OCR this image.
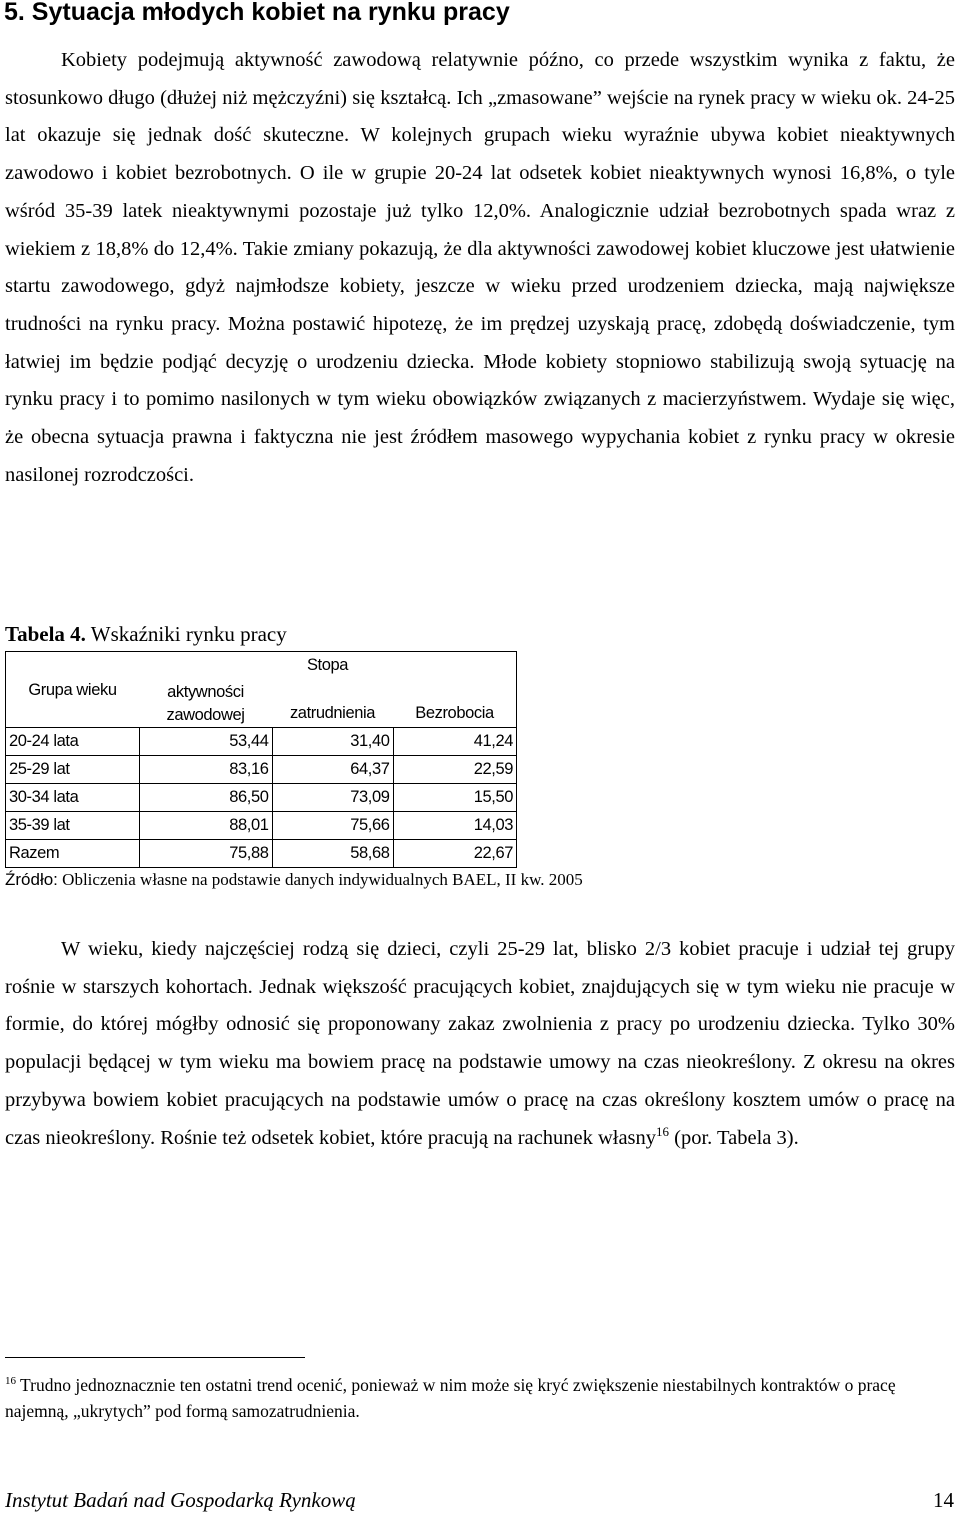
5. Sytuacja młodych kobiet na rynku pracy
Kobiety podejmują aktywność zawodową relatywnie późno, co przede wszystkim wynika z faktu, że stosunkowo długo (dłużej niż mężczyźni) się kształcą. Ich „zmasowane” wejście na rynek pracy w wieku ok. 24-25 lat okazuje się jednak dość skuteczne. W kolejnych grupach wieku wyraźnie ubywa kobiet nieaktywnych zawodowo i kobiet bezrobotnych. O ile w grupie 20-24 lat odsetek kobiet nieaktywnych wynosi 16,8%, o tyle wśród 35-39 latek nieaktywnymi pozostaje już tylko 12,0%. Analogicznie udział bezrobotnych spada wraz z wiekiem z 18,8% do 12,4%. Takie zmiany pokazują, że dla aktywności zawodowej kobiet kluczowe jest ułatwienie startu zawodowego, gdyż najmłodsze kobiety, jeszcze w wieku przed urodzeniem dziecka, mają największe trudności na rynku pracy. Można postawić hipotezę, że im prędzej uzyskają pracę, zdobędą doświadczenie, tym łatwiej im będzie podjąć decyzję o urodzeniu dziecka. Młode kobiety stopniowo stabilizują swoją sytuację na rynku pracy i to pomimo nasilonych w tym wieku obowiązków związanych z macierzyństwem. Wydaje się więc, że obecna sytuacja prawna i faktyczna nie jest źródłem masowego wypychania kobiet z rynku pracy w okresie nasilonej rozrodczości.
Tabela 4. Wskaźniki rynku pracy
Grupa wieku	Stopa		
	aktywności zawodowej	zatrudnienia	Bezrobocia
20-24 lata	53,44	31,40	41,24
25-29 lat	83,16	64,37	22,59
30-34 lata	86,50	73,09	15,50
35-39 lat	88,01	75,66	14,03
Razem	75,88	58,68	22,67
Źródło: Obliczenia własne na podstawie danych indywidualnych BAEL, II kw. 2005
W wieku, kiedy najczęściej rodzą się dzieci, czyli 25-29 lat, blisko 2/3 kobiet pracuje i udział tej grupy rośnie w starszych kohortach. Jednak większość pracujących kobiet, znajdujących się w tym wieku nie pracuje w formie, do której mógłby odnosić się proponowany zakaz zwolnienia z pracy po urodzeniu dziecka. Tylko 30% populacji będącej w tym wieku ma bowiem pracę na podstawie umowy na czas nieokreślony. Z okresu na okres przybywa bowiem kobiet pracujących na podstawie umów o pracę na czas określony kosztem umów o pracę na czas nieokreślony. Rośnie też odsetek kobiet, które pracują na rachunek własny$^{16}$ (por. Tabela 3).
$^{16}$ Trudno jednoznacznie ten ostatni trend ocenić, ponieważ w nim może się kryć zwiększenie niestabilnych kontraktów o pracę najemną, „ukrytych” pod formą samozatrudnienia.
Instytut Badań nad Gospodarką Rynkową	14
